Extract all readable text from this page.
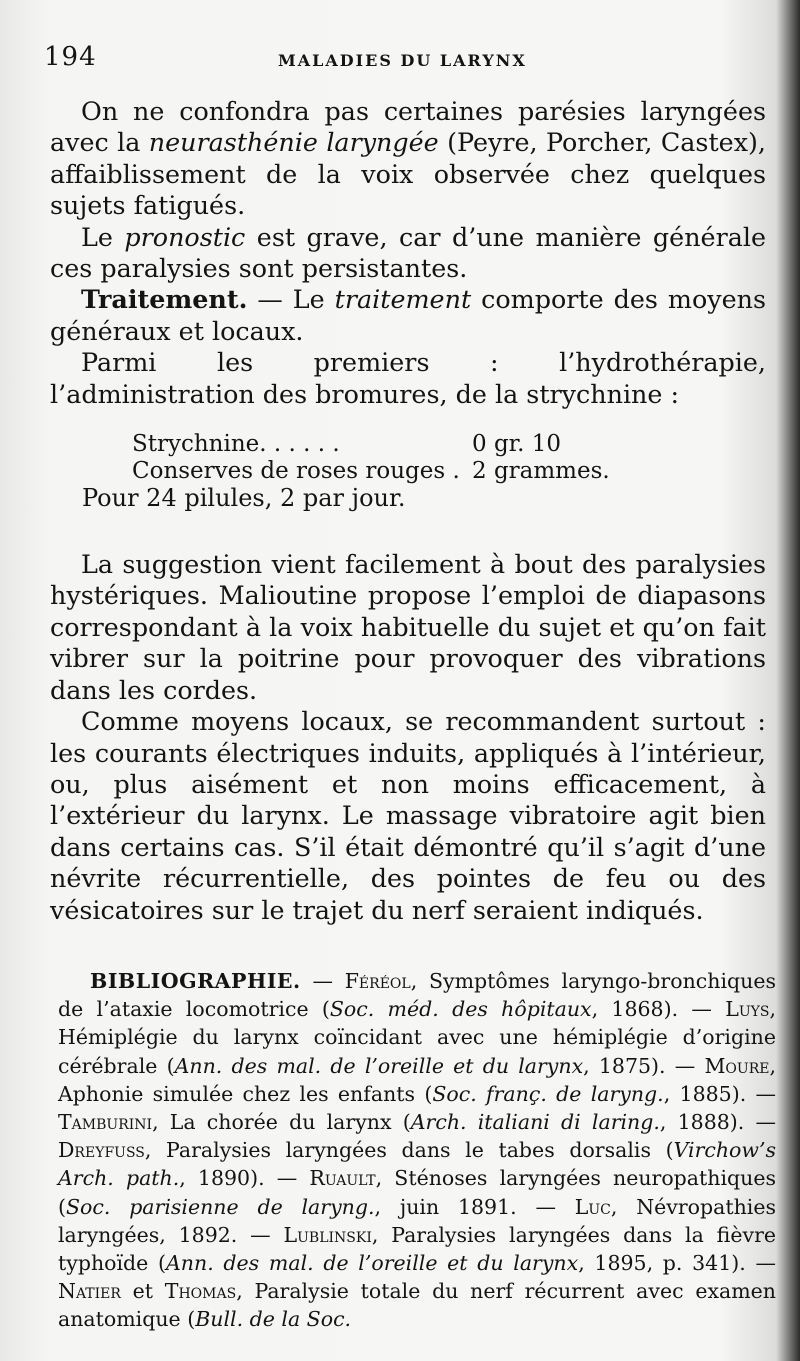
194	MALADIES DU LARYNX

On ne confondra pas certaines parésies laryngées avec la neurasthénie laryngée (Peyre, Porcher, Castex), affaiblissement de la voix observée chez quelques sujets fatigués.

Le pronostic est grave, car d’une manière générale ces paralysies sont persistantes.

Traitement. — Le traitement comporte des moyens généraux et locaux.

Parmi les premiers : l’hydrothérapie, l’administration des bromures, de la strychnine :

Strychnine. . . . . .	0 gr. 10
Conserves de roses rouges . 2 grammes.
Pour 24 pilules, 2 par jour.

La suggestion vient facilement à bout des paralysies hystériques. Malioutine propose l’emploi de diapasons correspondant à la voix habituelle du sujet et qu’on fait vibrer sur la poitrine pour provoquer des vibrations dans les cordes.

Comme moyens locaux, se recommandent surtout : les courants électriques induits, appliqués à l’intérieur, ou, plus aisément et non moins efficacement, à l’extérieur du larynx. Le massage vibratoire agit bien dans certains cas. S’il était démontré qu’il s’agit d’une névrite récurrentielle, des pointes de feu ou des vésicatoires sur le trajet du nerf seraient indiqués.

BIBLIOGRAPHIE. — Féréol, Symptômes laryngo-bronchiques de l’ataxie locomotrice (Soc. méd. des hôpitaux, 1868). — Luys, Hémiplégie du larynx coïncidant avec une hémiplégie d’origine cérébrale (Ann. des mal. de l’oreille et du larynx, 1875). — Moure, Aphonie simulée chez les enfants (Soc. franç. de laryng., 1885). — Tamburini, La chorée du larynx (Arch. italiani di laring., 1888). — Dreyfuss, Paralysies laryngées dans le tabes dorsalis (Virchow’s Arch. path., 1890). — Ruault, Sténoses laryngées neuropathiques (Soc. parisienne de laryng., juin 1891. — Luc, Névropathies laryngées, 1892. — Lublinski, Paralysies laryngées dans la fièvre typhoïde (Ann. des mal. de l’oreille et du larynx, 1895, p. 341). — Natier et Thomas, Paralysie totale du nerf récurrent avec examen anatomique (Bull. de la Soc.
